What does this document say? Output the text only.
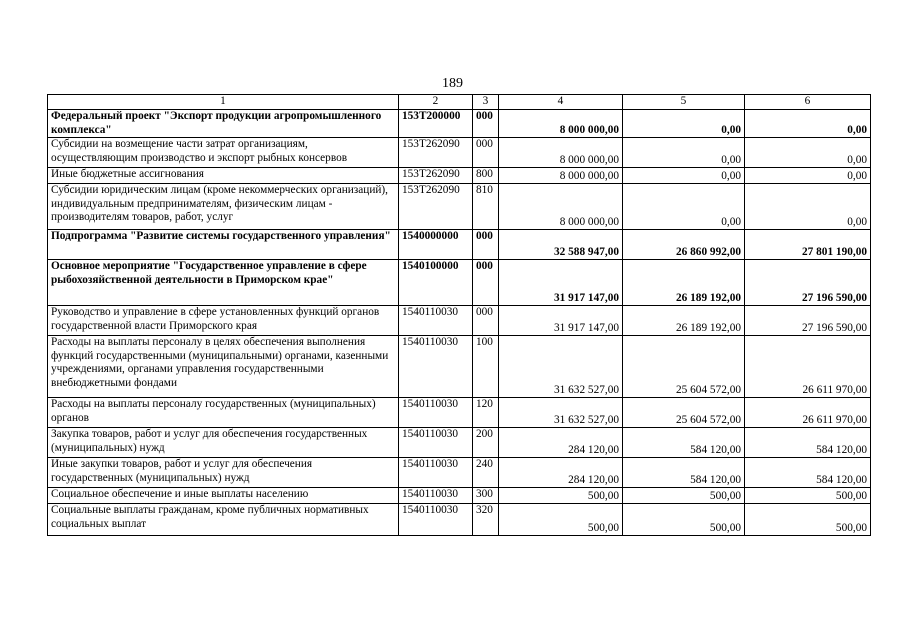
189
1	2	3	4	5	6
Федеральный проект "Экспорт продукции агропромышленного комплекса"	153T200000	000	8 000 000,00	0,00	0,00
Субсидии на возмещение части затрат организациям, осуществляющим производство и экспорт рыбных консервов	153T262090	000	8 000 000,00	0,00	0,00
Иные бюджетные ассигнования	153T262090	800	8 000 000,00	0,00	0,00
Субсидии юридическим лицам (кроме некоммерческих организаций), индивидуальным предпринимателям, физическим лицам - производителям товаров, работ, услуг	153T262090	810	8 000 000,00	0,00	0,00
Подпрограмма "Развитие системы государственного управления"	1540000000	000	32 588 947,00	26 860 992,00	27 801 190,00
Основное мероприятие "Государственное управление в сфере рыбохозяйственной деятельности в Приморском крае"	1540100000	000	31 917 147,00	26 189 192,00	27 196 590,00
Руководство и управление в сфере установленных функций органов государственной власти Приморского края	1540110030	000	31 917 147,00	26 189 192,00	27 196 590,00
Расходы на выплаты персоналу в целях обеспечения выполнения функций государственными (муниципальными) органами, казенными учреждениями, органами управления государственными внебюджетными фондами	1540110030	100	31 632 527,00	25 604 572,00	26 611 970,00
Расходы на выплаты персоналу государственных (муниципальных) органов	1540110030	120	31 632 527,00	25 604 572,00	26 611 970,00
Закупка товаров, работ и услуг для обеспечения государственных (муниципальных) нужд	1540110030	200	284 120,00	584 120,00	584 120,00
Иные закупки товаров, работ и услуг для обеспечения государственных (муниципальных) нужд	1540110030	240	284 120,00	584 120,00	584 120,00
Социальное обеспечение и иные выплаты населению	1540110030	300	500,00	500,00	500,00
Социальные выплаты гражданам, кроме публичных нормативных социальных выплат	1540110030	320	500,00	500,00	500,00
